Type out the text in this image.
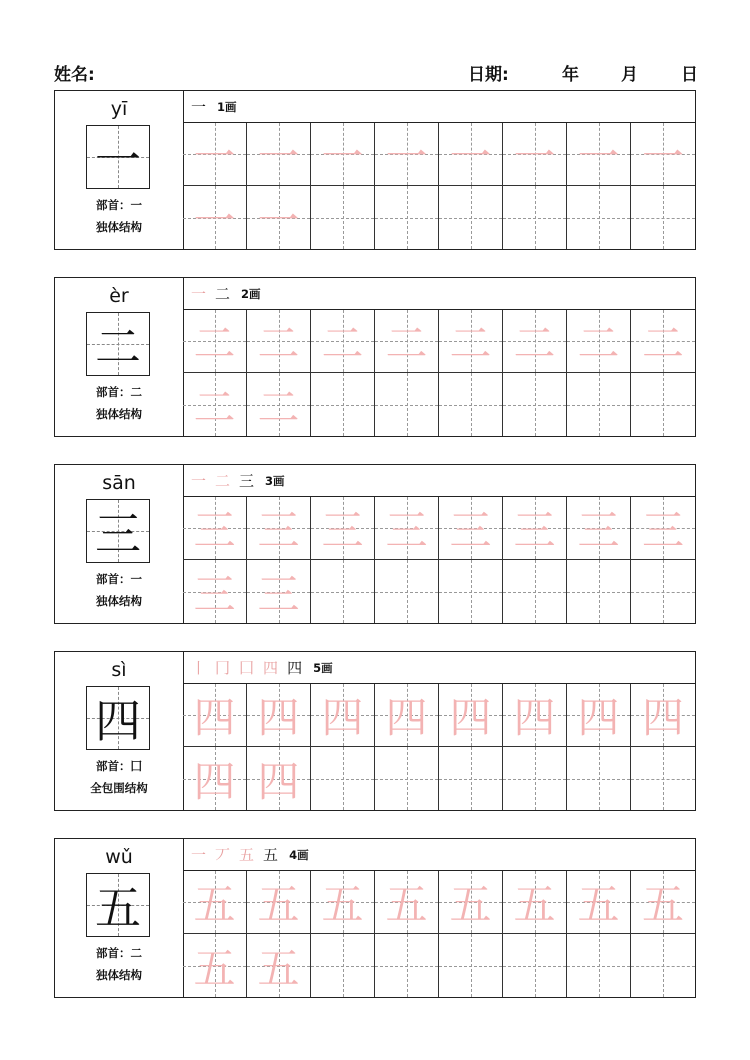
姓名:	日期:	年 月	日
yī
一
部首：一
独体结构
一 1画
一 一 一 一 一 一 一 一
一 一
èr
二
部首：二
独体结构
一 二 2画
二 二 二 二 二 二 二 二
二 二
sān
三
部首：一
独体结构
一 二 三 3画
三 三 三 三 三 三 三 三
三 三
sì
四
部首：囗
全包围结构
丨 冂 囗 四 四 5画
四 四 四 四 四 四 四 四
四 四
wǔ
五
部首：二
独体结构
一 丆 五 五 4画
五 五 五 五 五 五 五 五
五 五
